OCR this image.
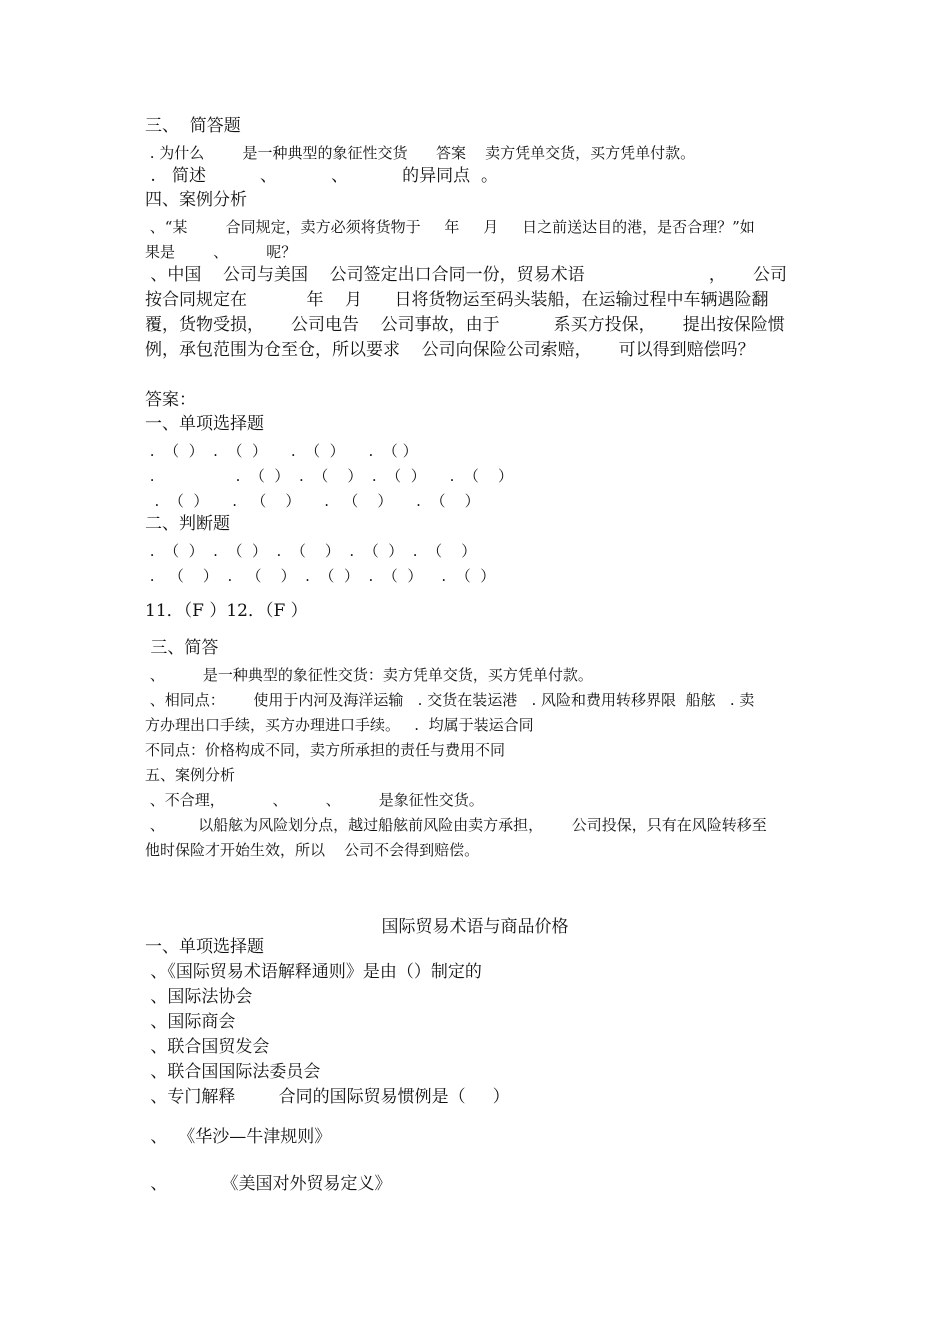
三、  简答题
. 为什么        是一种典型的象征性交货      答案    卖方凭单交货，买方凭单付款。
.   简述          、          、          的异同点  。
四、案例分析
、“某        合同规定，卖方必须将货物于     年     月     日之前送达目的港，是否合理？”如
果是        、        呢？
、中国    公司与美国    公司签定出口合同一份，贸易术语                       ，     公司
按合同规定在           年    月      日将货物运至码头装船，在运输过程中车辆遇险翻
覆，货物受损，     公司电告    公司事故，由于          系买方投保，     提出按保险惯
例，承包范围为仓至仓，所以要求    公司向保险公司索赔，     可以得到赔偿吗？
答案：
一、单项选择题
.  （  ）  .  （  ）     .  （  ）     .  （ ）
.                 .  （  ）  .  （    ）  .  （  ）     .  （    ）
.  （  ）     .   （    ）     .   （    ）     .  （    ）
二、判断题
.  （  ）  .  （  ）  .  （    ）  .  （  ）  .  （    ）
.   （    ）  .   （    ）  .  （  ）  .  （  ）    .  （  ）
11．（F ）12．（F ）
三、简答
、        是一种典型的象征性交货：卖方凭单交货，买方凭单付款。
、相同点：      使用于内河及海洋运输   . 交货在装运港   . 风险和费用转移界限  船舷   . 卖
方办理出口手续，买方办理进口手续。   .  均属于装运合同
不同点：价格构成不同，卖方所承担的责任与费用不同
五、案例分析
、不合理，          、        、        是象征性交货。
、       以船舷为风险划分点，越过船舷前风险由卖方承担，      公司投保，只有在风险转移至
他时保险才开始生效，所以    公司不会得到赔偿。
国际贸易术语与商品价格
一、单项选择题
、《国际贸易术语解释通则》是由（）制定的
、国际法协会
、国际商会
、联合国贸发会
、联合国国际法委员会
、专门解释        合同的国际贸易惯例是（     ）
、  《华沙—牛津规则》
、          《美国对外贸易定义》
